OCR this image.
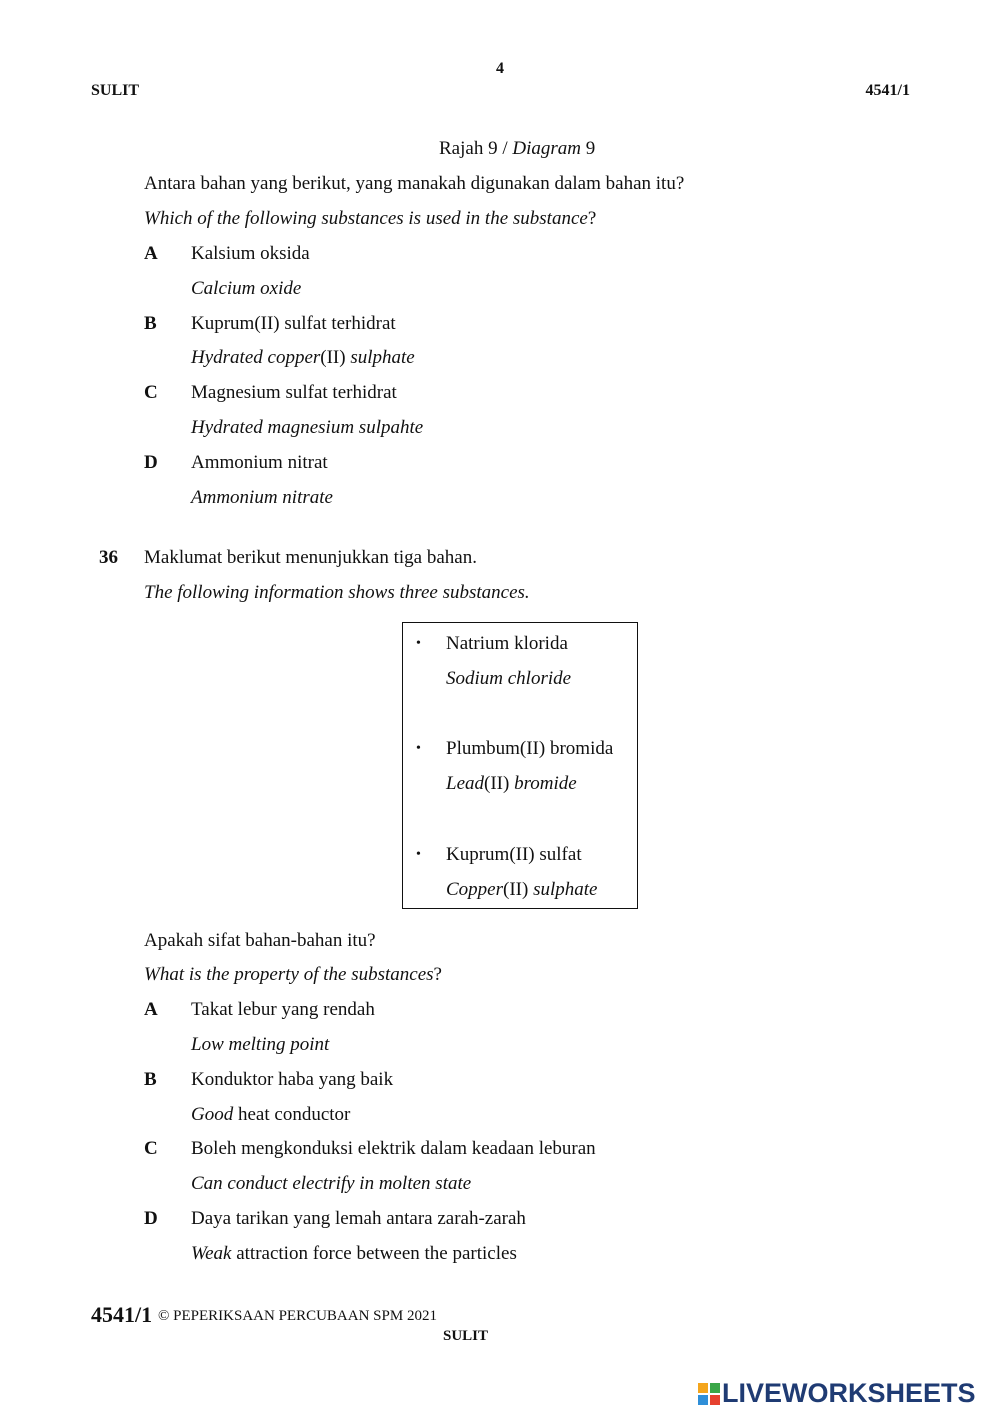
4
SULIT	4541/1
Rajah 9 / Diagram 9
Antara bahan yang berikut, yang manakah digunakan dalam bahan itu?
Which of the following substances is used in the substance?
A Kalsium oksida
Calcium oxide
B Kuprum(II) sulfat terhidrat
Hydrated copper(II) sulphate
C Magnesium sulfat terhidrat
Hydrated magnesium sulpahte
D Ammonium nitrat
Ammonium nitrate
36 Maklumat berikut menunjukkan tiga bahan.
The following information shows three substances.
• Natrium klorida
Sodium chloride
• Plumbum(II) bromida
Lead(II) bromide
• Kuprum(II) sulfat
Copper(II) sulphate
Apakah sifat bahan-bahan itu?
What is the property of the substances?
A Takat lebur yang rendah
Low melting point
B Konduktor haba yang baik
Good heat conductor
C Boleh mengkonduksi elektrik dalam keadaan leburan
Can conduct electrify in molten state
D Daya tarikan yang lemah antara zarah-zarah
Weak attraction force between the particles
4541/1 © PEPERIKSAAN PERCUBAAN SPM 2021
SULIT
LIVEWORKSHEETS
